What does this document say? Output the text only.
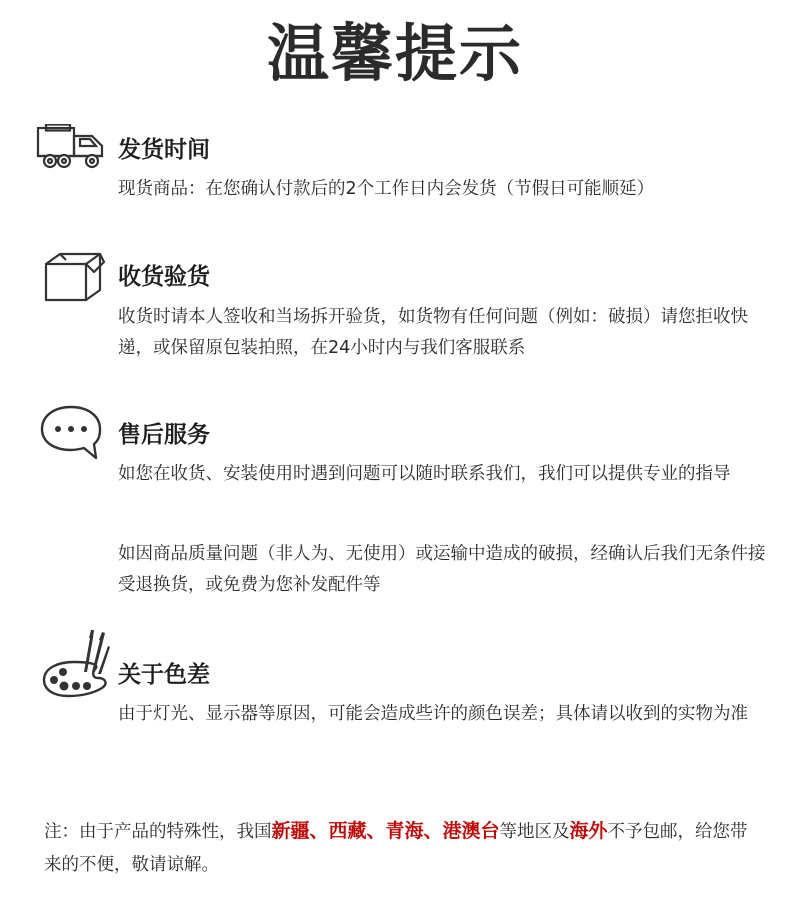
温馨提示
发货时间
现货商品：在您确认付款后的2个工作日内会发货（节假日可能顺延）
收货验货
收货时请本人签收和当场拆开验货，如货物有任何问题（例如：破损）请您拒收快递，或保留原包装拍照，在24小时内与我们客服联系
售后服务
如您在收货、安装使用时遇到问题可以随时联系我们，我们可以提供专业的指导
如因商品质量问题（非人为、无使用）或运输中造成的破损，经确认后我们无条件接受退换货，或免费为您补发配件等
关于色差
由于灯光、显示器等原因，可能会造成些许的颜色误差；具体请以收到的实物为准
注：由于产品的特殊性，我国新疆、西藏、青海、港澳台等地区及海外不予包邮，给您带来的不便，敬请谅解。
